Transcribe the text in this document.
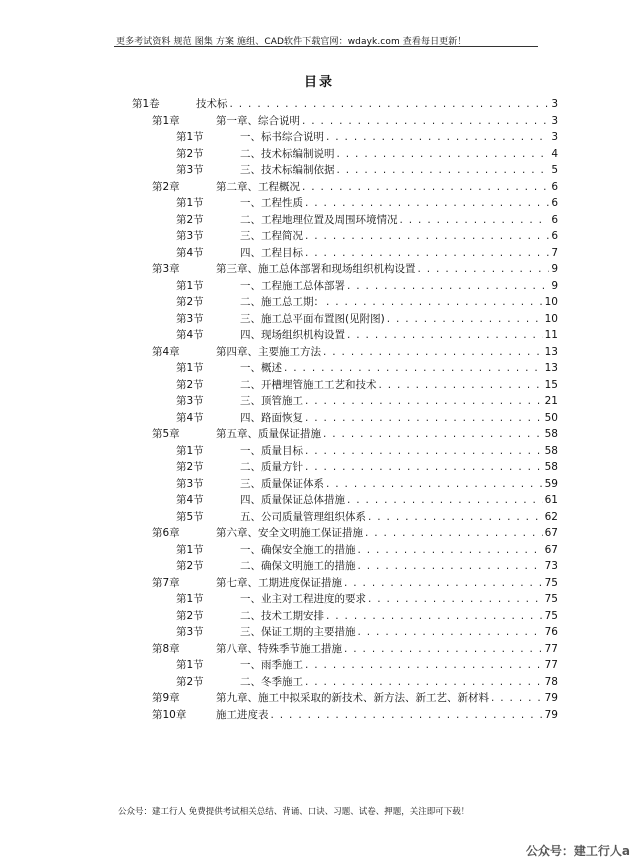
更多考试资料 规范 图集 方案 施组、CAD软件下载官网：wdayk.com 查看每日更新！
目录
第1卷	技术标 . . .	3
第1章	第一章、综合说明 . . .	3
第1节	一、标书综合说明 . . .	3
第2节	二、技术标编制说明 . . .	4
第3节	三、技术标编制依据 . . .	5
第2章	第二章、工程概况 . . .	6
第1节	一、工程性质 . . .	6
第2节	二、工程地理位置及周围环境情况 . . .	6
第3节	三、工程简况 . . .	6
第4节	四、工程目标 . . .	7
第3章	第三章、施工总体部署和现场组织机构设置 . . .	9
第1节	一、工程施工总体部署 . . .	9
第2节	二、施工总工期： . . .	10
第3节	三、施工总平面布置图(见附图) . . .	10
第4节	四、现场组织机构设置 . . .	11
第4章	第四章、主要施工方法 . . .	13
第1节	一、概述 . . .	13
第2节	二、开槽埋管施工工艺和技术 . . .	15
第3节	三、顶管施工 . . .	21
第4节	四、路面恢复 . . .	50
第5章	第五章、质量保证措施 . . .	58
第1节	一、质量目标 . . .	58
第2节	二、质量方针 . . .	58
第3节	三、质量保证体系 . . .	59
第4节	四、质量保证总体措施 . . .	61
第5节	五、公司质量管理组织体系 . . .	62
第6章	第六章、安全文明施工保证措施 . . .	67
第1节	一、确保安全施工的措施 . . .	67
第2节	二、确保文明施工的措施 . . .	73
第7章	第七章、工期进度保证措施 . . .	75
第1节	一、业主对工程进度的要求 . . .	75
第2节	二、技术工期安排 . . .	75
第3节	三、保证工期的主要措施 . . .	76
第8章	第八章、特殊季节施工措施 . . .	77
第1节	一、雨季施工 . . .	77
第2节	二、冬季施工 . . .	78
第9章	第九章、施工中拟采取的新技术、新方法、新工艺、新材料 . . .	79
第10章	施工进度表 . . .	79
公众号：建工行人 免费提供考试相关总结、背诵、口诀、习题、试卷、押题，关注即可下载！
公众号：建工行人a
